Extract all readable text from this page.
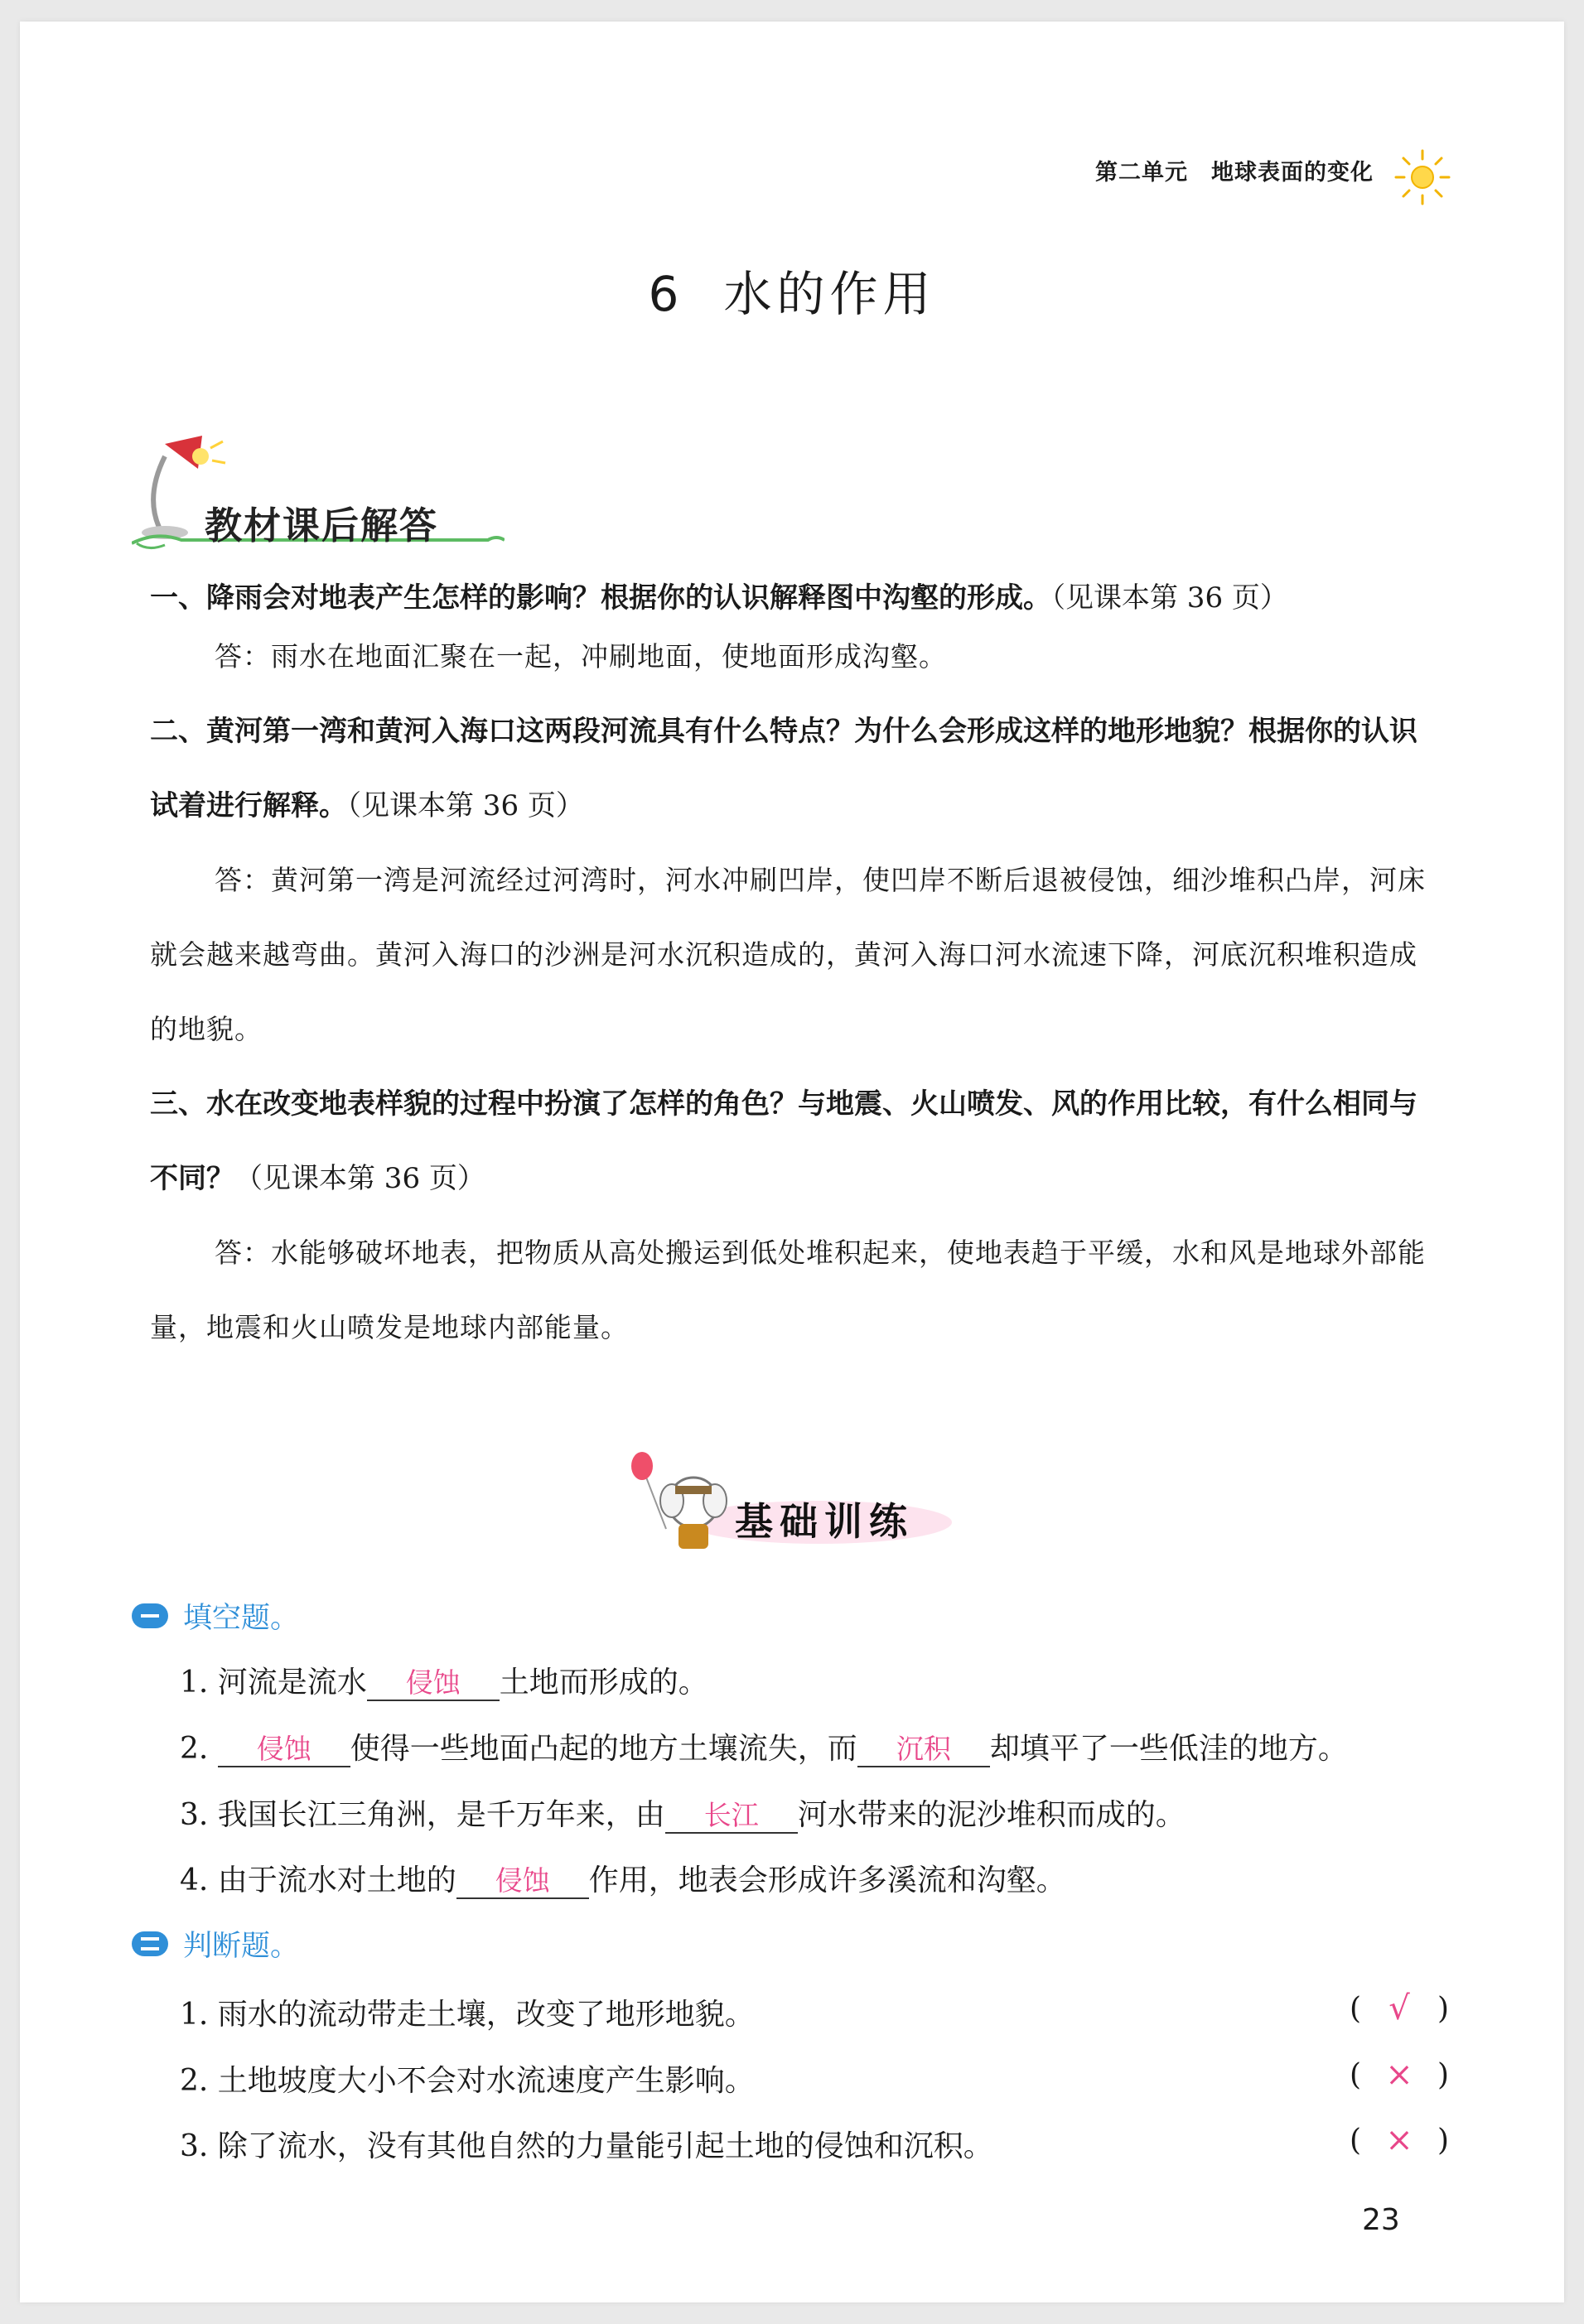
第二单元 地球表面的变化
6 水的作用
教材课后解答

一、降雨会对地表产生怎样的影响？根据你的认识解释图中沟壑的形成。（见课本第 36 页）

答：雨水在地面汇聚在一起，冲刷地面，使地面形成沟壑。

二、黄河第一湾和黄河入海口这两段河流具有什么特点？为什么会形成这样的地形地貌？根据你的认识试着进行解释。（见课本第 36 页）

答：黄河第一湾是河流经过河湾时，河水冲刷凹岸，使凹岸不断后退被侵蚀，细沙堆积凸岸，河床就会越来越弯曲。黄河入海口的沙洲是河水沉积造成的，黄河入海口河水流速下降，河底沉积堆积造成的地貌。

三、水在改变地表样貌的过程中扮演了怎样的角色？与地震、火山喷发、风的作用比较，有什么相同与不同？（见课本第 36 页）

答：水能够破坏地表，把物质从高处搬运到低处堆积起来，使地表趋于平缓，水和风是地球外部能量，地震和火山喷发是地球内部能量。

基础训练
填空题。
1. 河流是流水 侵蚀 土地而形成的。
2. 侵蚀 使得一些地面凸起的地方土壤流失，而 沉积 却填平了一些低洼的地方。
3. 我国长江三角洲，是千万年来，由 长江 河水带来的泥沙堆积而成的。
4. 由于流水对土地的 侵蚀 作用，地表会形成许多溪流和沟壑。
判断题。
1. 雨水的流动带走土壤，改变了地形地貌。	( √ )
2. 土地坡度大小不会对水流速度产生影响。	( × )
3. 除了流水，没有其他自然的力量能引起土地的侵蚀和沉积。	( × )
23
